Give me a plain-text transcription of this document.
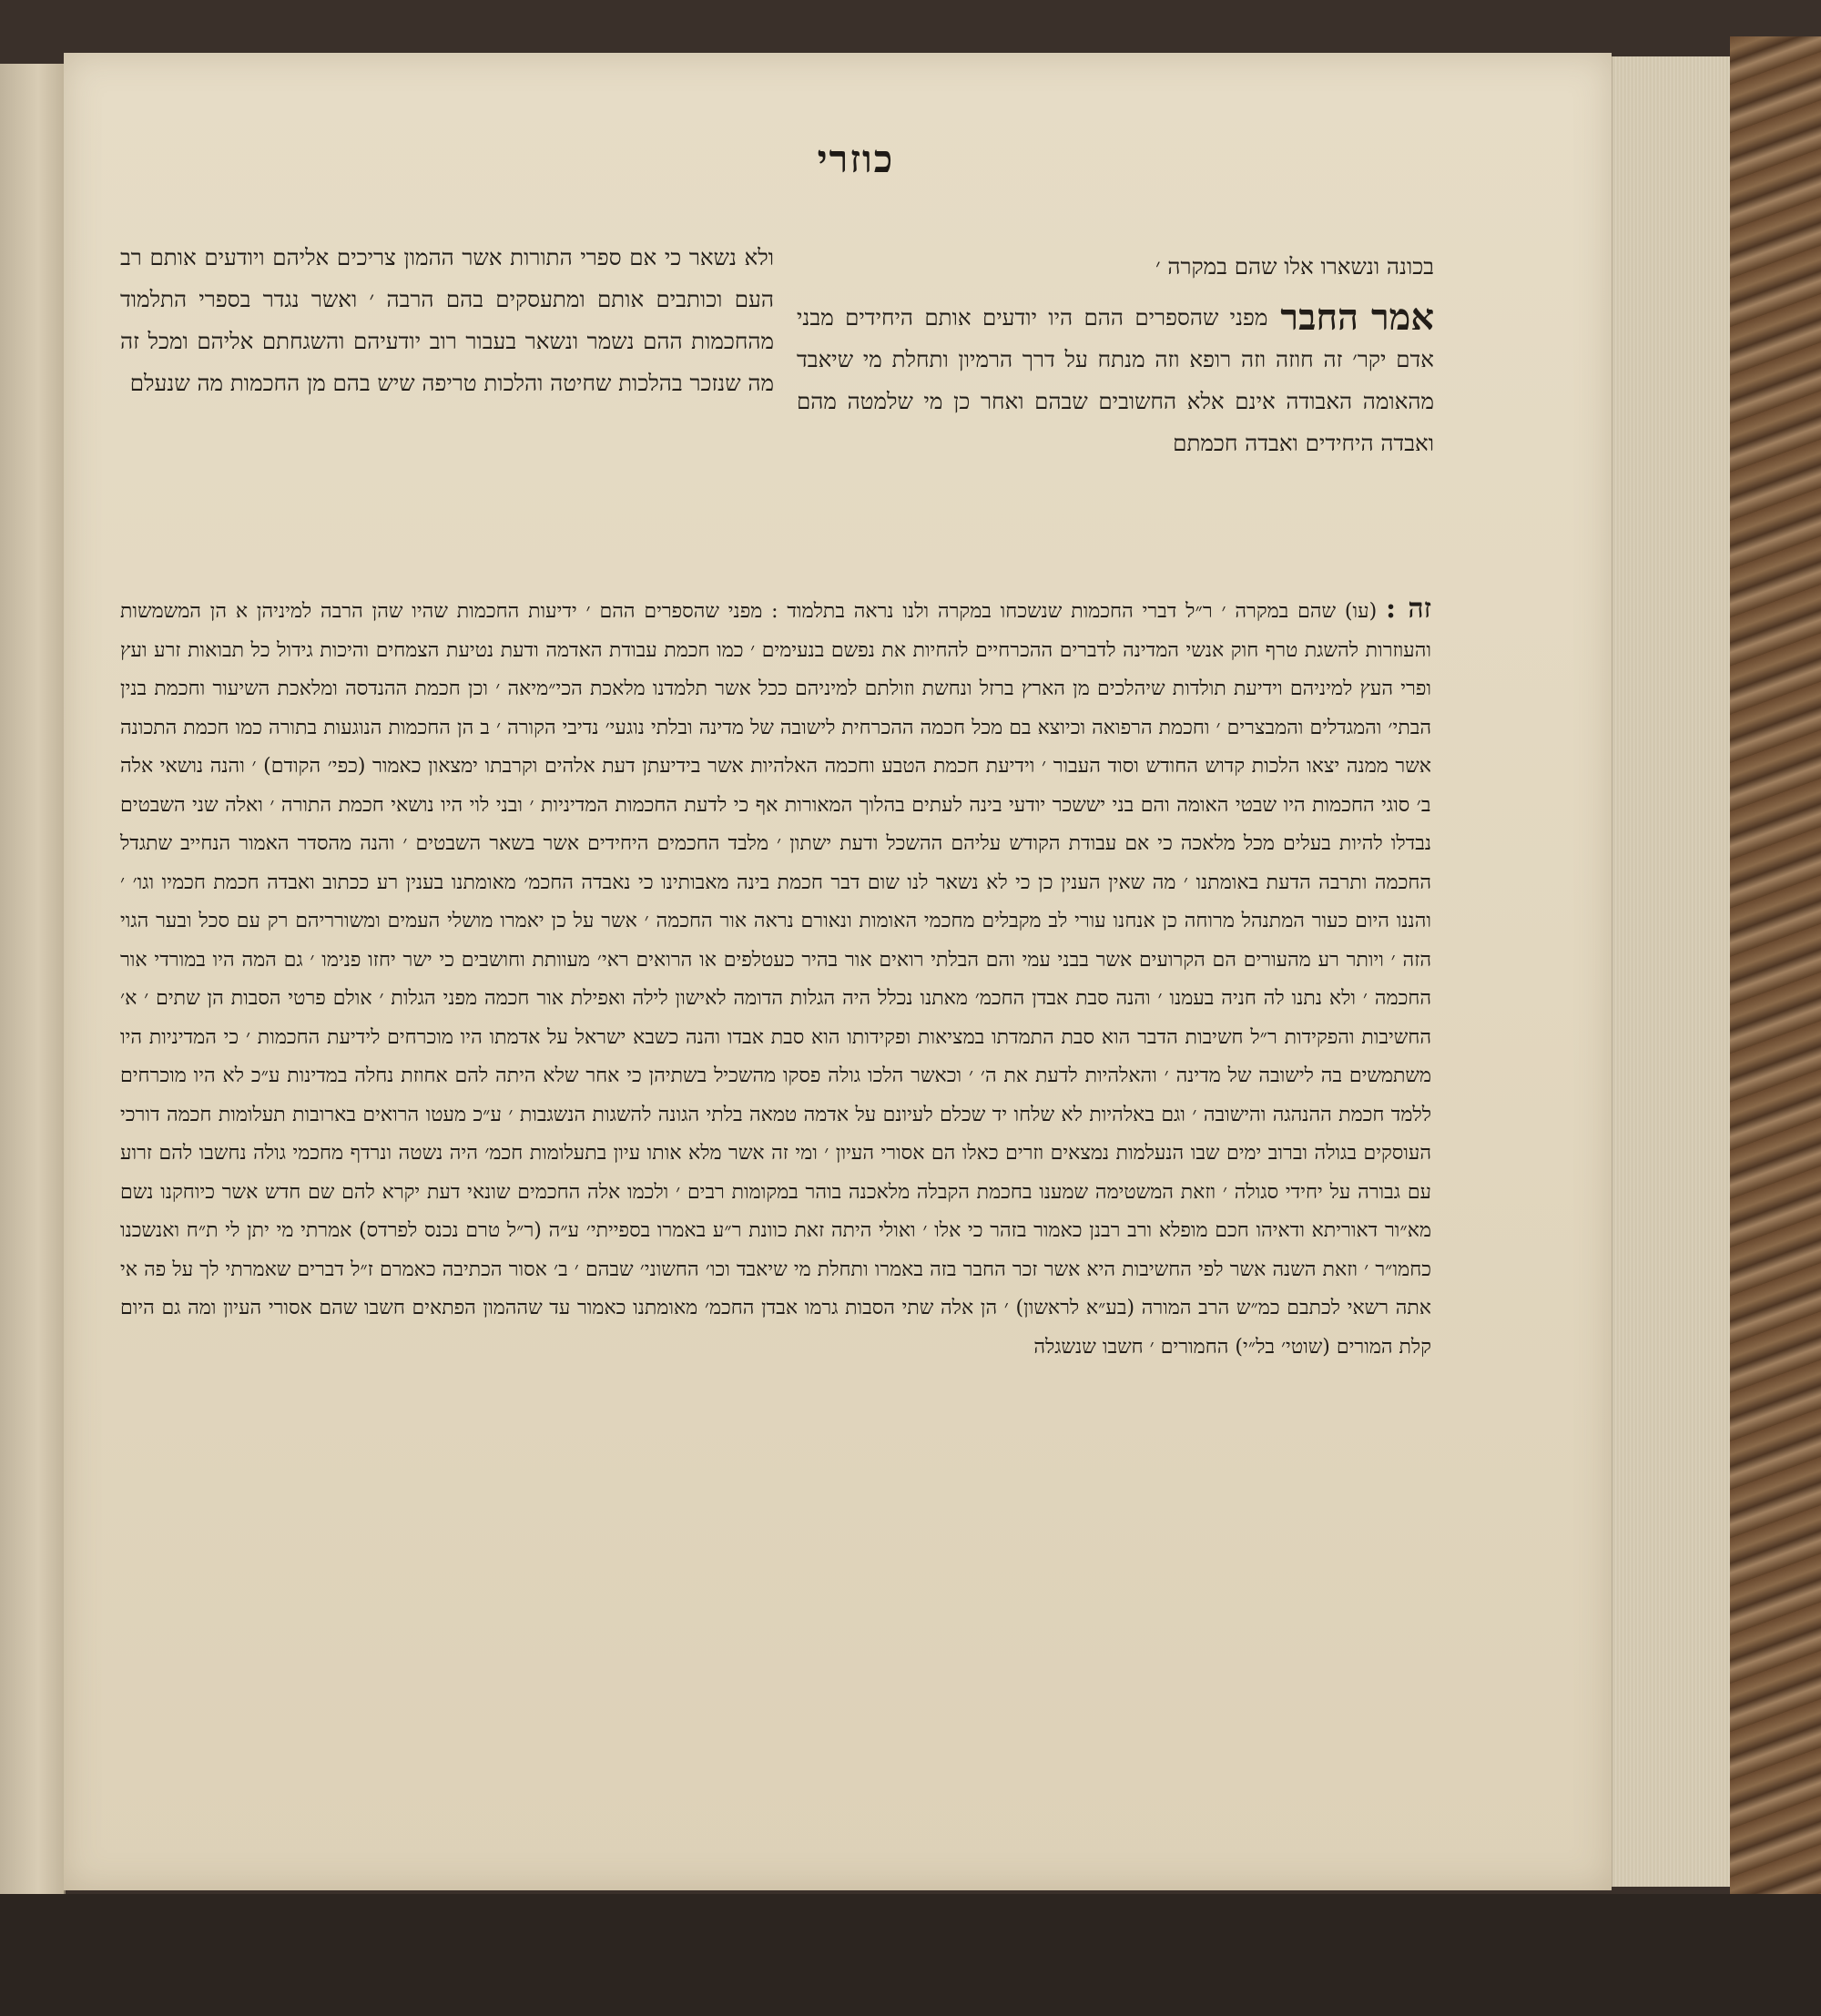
כוזרי
בכונה ונשארו אלו שהם במקרה ׳

אמר החבר
מפני שהספרים ההם היו יודעים אותם היחידים מבני אדם יקר׳ זה חוזה וזה רופא וזה מנתח על דרך הרמיון ותחלת מי שיאבד מהאומה האבודה אינם אלא החשובים שבהם ואחר כן מי שלמטה מהם ואבדה היחידים ואבדה חכמתם

ולא נשאר כי אם ספרי התורות אשר ההמון צריכים אליהם ויודעים אותם רב העם וכותבים אותם ומתעסקים בהם הרבה ׳ ואשר נגדר בספרי התלמוד מהחכמות ההם נשמר ונשאר בעבור רוב יודעיהם והשגחתם אליהם ומכל זה מה שנזכר בהלכות שחיטה והלכות טריפה שיש בהם מן החכמות מה שנעלם

זה : (עו) שהם במקרה ׳ ר״ל דברי החכמות שנשכחו במקרה ולנו נראה בתלמוד : מפני שהספרים ההם ׳ ידיעות החכמות שהיו שהן הרבה למיניהן א הן המשמשות והעוזרות להשגת טרף חוק אנשי המדינה לדברים ההכרחיים להחיות את נפשם בנעימים ׳ כמו חכמת עבודת האדמה ודעת נטיעת הצמחים והיכות גידול כל תבואות זרע ועץ ופרי העץ למיניהם וידיעת תולדות שיהלכים מן הארץ ברזל ונחשת וזולתם למיניהם ככל אשר תלמדנו מלאכת הכי״מיאה ׳ וכן חכמת ההנדסה ומלאכת השיעור וחכמת בנין הבתי׳ והמגדלים והמבצרים ׳ וחכמת הרפואה וכיוצא בם מכל חכמה ההכרחית לישובה של מדינה ובלתי נוגעי׳ נדיבי הקורה ׳ ב הן החכמות הנוגעות בתורה כמו חכמת התכונה אשר ממנה יצאו הלכות קדוש החודש וסוד העבור ׳ וידיעת חכמת הטבע וחכמה האלהיות אשר בידיעתן דעת אלהים וקרבתו ימצאון כאמור (כפי׳ הקודם) ׳ והנה נושאי אלה ב׳ סוגי החכמות היו שבטי האומה והם בני יששכר יודעי בינה לעתים בהלוך המאורות אף כי לדעת החכמות המדיניות ׳ ובני לוי היו נושאי חכמת התורה ׳ ואלה שני השבטים נבדלו להיות בעלים מכל מלאכה כי אם עבודת הקודש עליהם ההשכל ודעת ישתון ׳ מלבד החכמים היחידים אשר בשאר השבטים ׳ והנה מהסדר האמור הנחייב שתגדל החכמה ותרבה הדעת באומתנו ׳ מה שאין הענין כן כי לא נשאר לנו שום דבר חכמת בינה מאבותינו כי נאבדה החכמ׳ מאומתנו בענין רע ככתוב ואבדה חכמת חכמיו וגו׳ ׳ והננו היום כעור המתנהל מרוחה כן אנחנו עורי לב מקבלים מחכמי האומות ונאורם נראה אור החכמה ׳ אשר על כן יאמרו מושלי העמים ומשורריהם רק עם סכל ובער הגוי הזה ׳ ויותר רע מהעורים הם הקרועים אשר בבני עמי והם הבלתי רואים אור בהיר כעטלפים או הרואים ראי׳ מעוותת וחושבים כי ישר יחזו פנימו ׳ גם המה היו במורדי אור החכמה ׳ ולא נתנו לה חניה בעמנו ׳ והנה סבת אבדן החכמ׳ מאתנו נכלל היה הגלות הדומה לאישון לילה ואפילת אור חכמה מפני הגלות ׳ אולם פרטי הסבות הן שתים ׳ א׳ החשיבות והפקידות ר״ל חשיבות הדבר הוא סבת התמדתו במציאות ופקידותו הוא סבת אבדו והנה כשבא ישראל על אדמתו היו מוכרחים לידיעת החכמות ׳ כי המדיניות היו משתמשים בה לישובה של מדינה ׳ והאלהיות לדעת את ה׳ ׳ וכאשר הלכו גולה פסקו מהשכיל בשתיהן כי אחר שלא היתה להם אחוזת נחלה במדינות ע״כ לא היו מוכרחים ללמד חכמת ההנהגה והישובה ׳ וגם באלהיות לא שלחו יד שכלם לעיונם על אדמה טמאה בלתי הגונה להשגות הנשגבות ׳ ע״כ מעטו הרואים בארובות תעלומות חכמה דורכי העוסקים בגולה וברוב ימים שבו הנעלמות נמצאים וזרים כאלו הם אסורי העיון ׳ ומי זה אשר מלא אותו עיון בתעלומות חכמ׳ היה נשטה ונרדף מחכמי גולה נחשבו להם זרוע עם גבורה על יחידי סגולה ׳ וזאת המשטימה שמענו בחכמת הקבלה מלאכנה בוהר במקומות רבים ׳ ולכמו אלה החכמים שונאי דעת יקרא להם שם חדש אשר כיוחקנו נשם מא״ור דאוריתא ודאיהו חכם מופלא ורב רבנן כאמור בזהר כי אלו ׳ ואולי היתה זאת כוונת ר״ע באמרו בספייתי׳ ע״ה (ר״ל טרם נכנס לפרדס) אמרתי מי יתן לי ת״ח ואנשכנו כחמו״ר ׳ וזאת השנה אשר לפי החשיבות היא אשר זכר החבר בזה באמרו ותחלת מי שיאבד וכו׳ החשוני׳ שבהם ׳ ב׳ אסור הכתיבה כאמרם ז״ל דברים שאמרתי לך על פה אי אתה רשאי לכתבם כמ״ש הרב המורה (בע״א לראשון) ׳ הן אלה שתי הסבות גרמו אבדן החכמ׳ מאומתנו כאמור עד שההמון הפתאים חשבו שהם אסורי העיון ומה גם היום קלת המורים (שוטי׳ בל״י) החמורים ׳ חשבו שנשגלה
